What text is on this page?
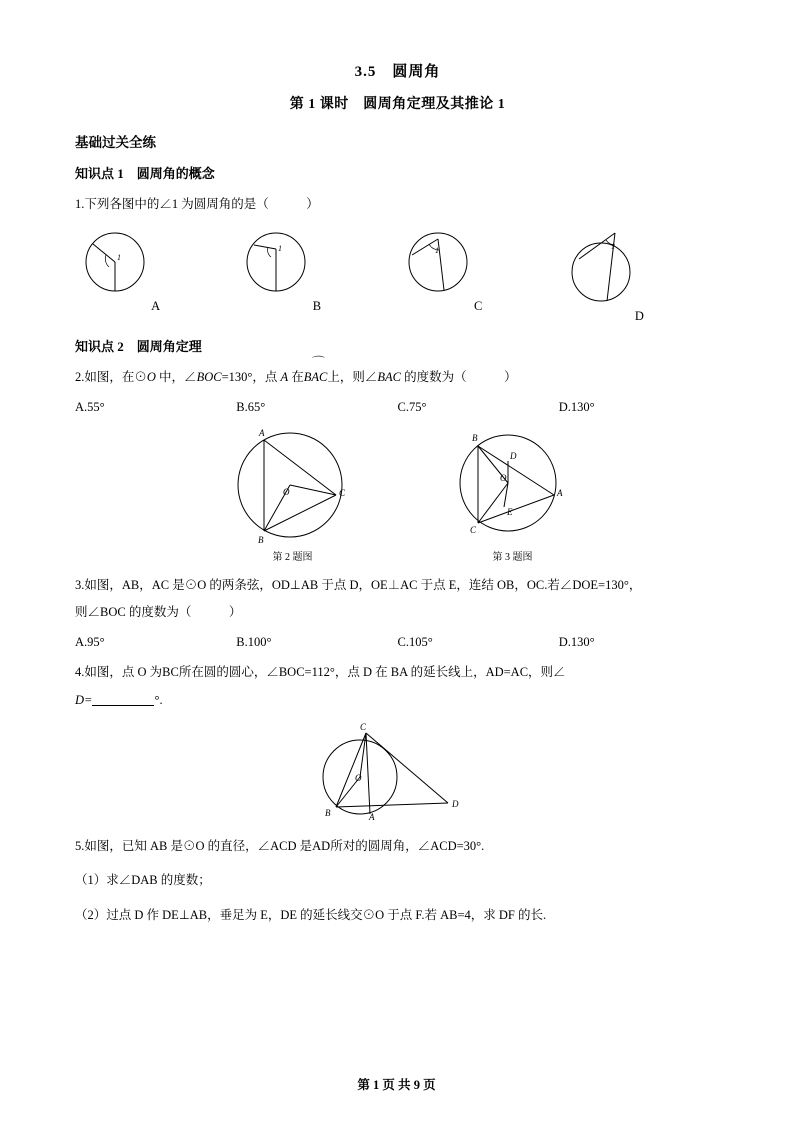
3.5　圆周角
第 1 课时　圆周角定理及其推论 1
基础过关全练
知识点 1　圆周角的概念
1.下列各图中的∠1 为圆周角的是（　　　）
1
A
1
B
1
C
1
D
知识点 2　圆周角定理
2.如图，在⊙O 中，∠BOC=130°，点 A 在⌒ BAC上，则∠BAC 的度数为（　　　）
A.55°	B.65°	C.75°	D.130°
A
O	C
B
第 2 题图
B
D
O
A
E
C
第 3 题图
3.如图，AB，AC 是⊙O 的两条弦，OD⊥AB 于点 D，OE⊥AC 于点 E，连结 OB，OC.若∠DOE=130°，
则∠BOC 的度数为（　　　）
A.95°	B.100°	C.105°	D.130°
4.如图，点 O 为BC所在圆的圆心，∠BOC=112°，点 D 在 BA 的延长线上，AD=AC，则∠
D=	°.
C
O
B	A
D
5.如图，已知 AB 是⊙O 的直径，∠ACD 是AD所对的圆周角，∠ACD=30°.
（1）求∠DAB 的度数；
（2）过点 D 作 DE⊥AB，垂足为 E，DE 的延长线交⊙O 于点 F.若 AB=4，求 DF 的长.
第 1 页 共 9 页
